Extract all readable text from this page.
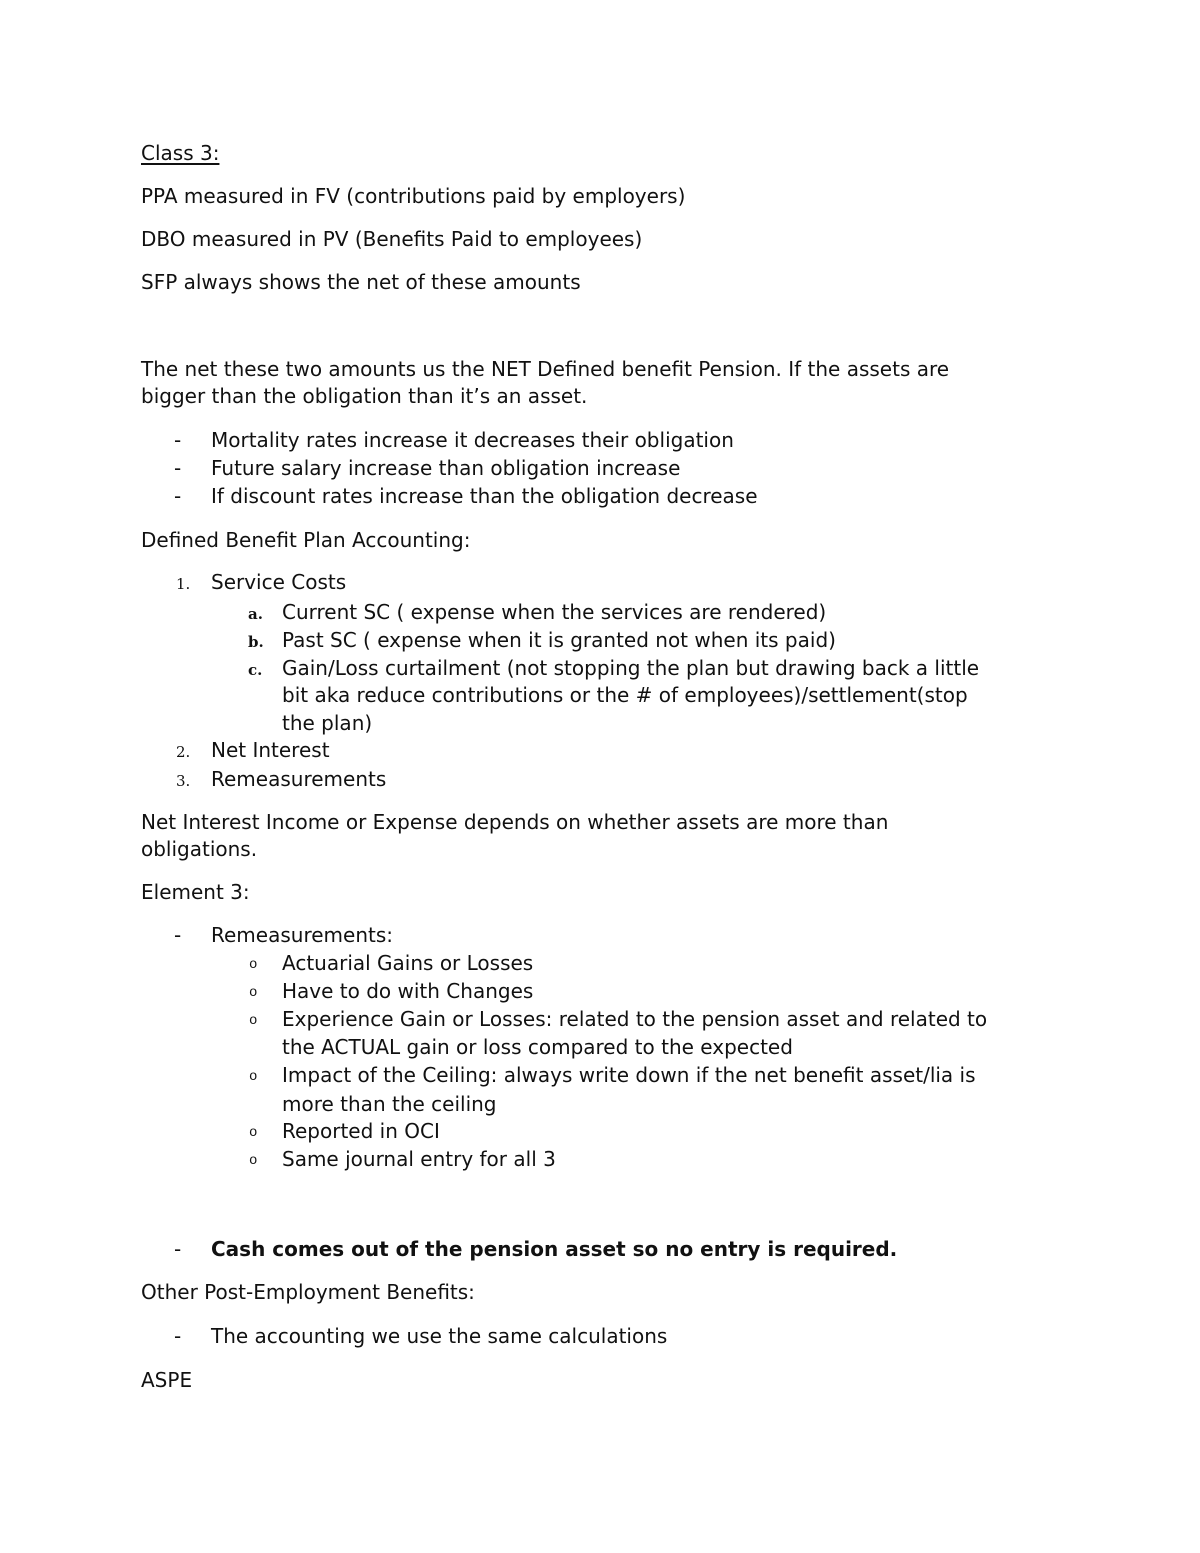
Class 3:

PPA measured in FV (contributions paid by employers)

DBO measured in PV (Benefits Paid to employees)

SFP always shows the net of these amounts

The net these two amounts us the NET Defined benefit Pension. If the assets are

bigger than the obligation than it’s an asset.

- Mortality rates increase it decreases their obligation

- Future salary increase than obligation increase

- If discount rates increase than the obligation decrease

Defined Benefit Plan Accounting:

1. Service Costs

a. Current SC ( expense when the services are rendered)

b. Past SC ( expense when it is granted not when its paid)

c. Gain/Loss curtailment (not stopping the plan but drawing back a little

bit aka reduce contributions or the # of employees)/settlement(stop

the plan)

2. Net Interest

3. Remeasurements

Net Interest Income or Expense depends on whether assets are more than

obligations.

Element 3:

- Remeasurements:

o Actuarial Gains or Losses

o Have to do with Changes

o Experience Gain or Losses: related to the pension asset and related to

the ACTUAL gain or loss compared to the expected

o Impact of the Ceiling: always write down if the net benefit asset/lia is

more than the ceiling

o Reported in OCI

o Same journal entry for all 3

- Cash comes out of the pension asset so no entry is required.

Other Post-Employment Benefits:

- The accounting we use the same calculations

ASPE
